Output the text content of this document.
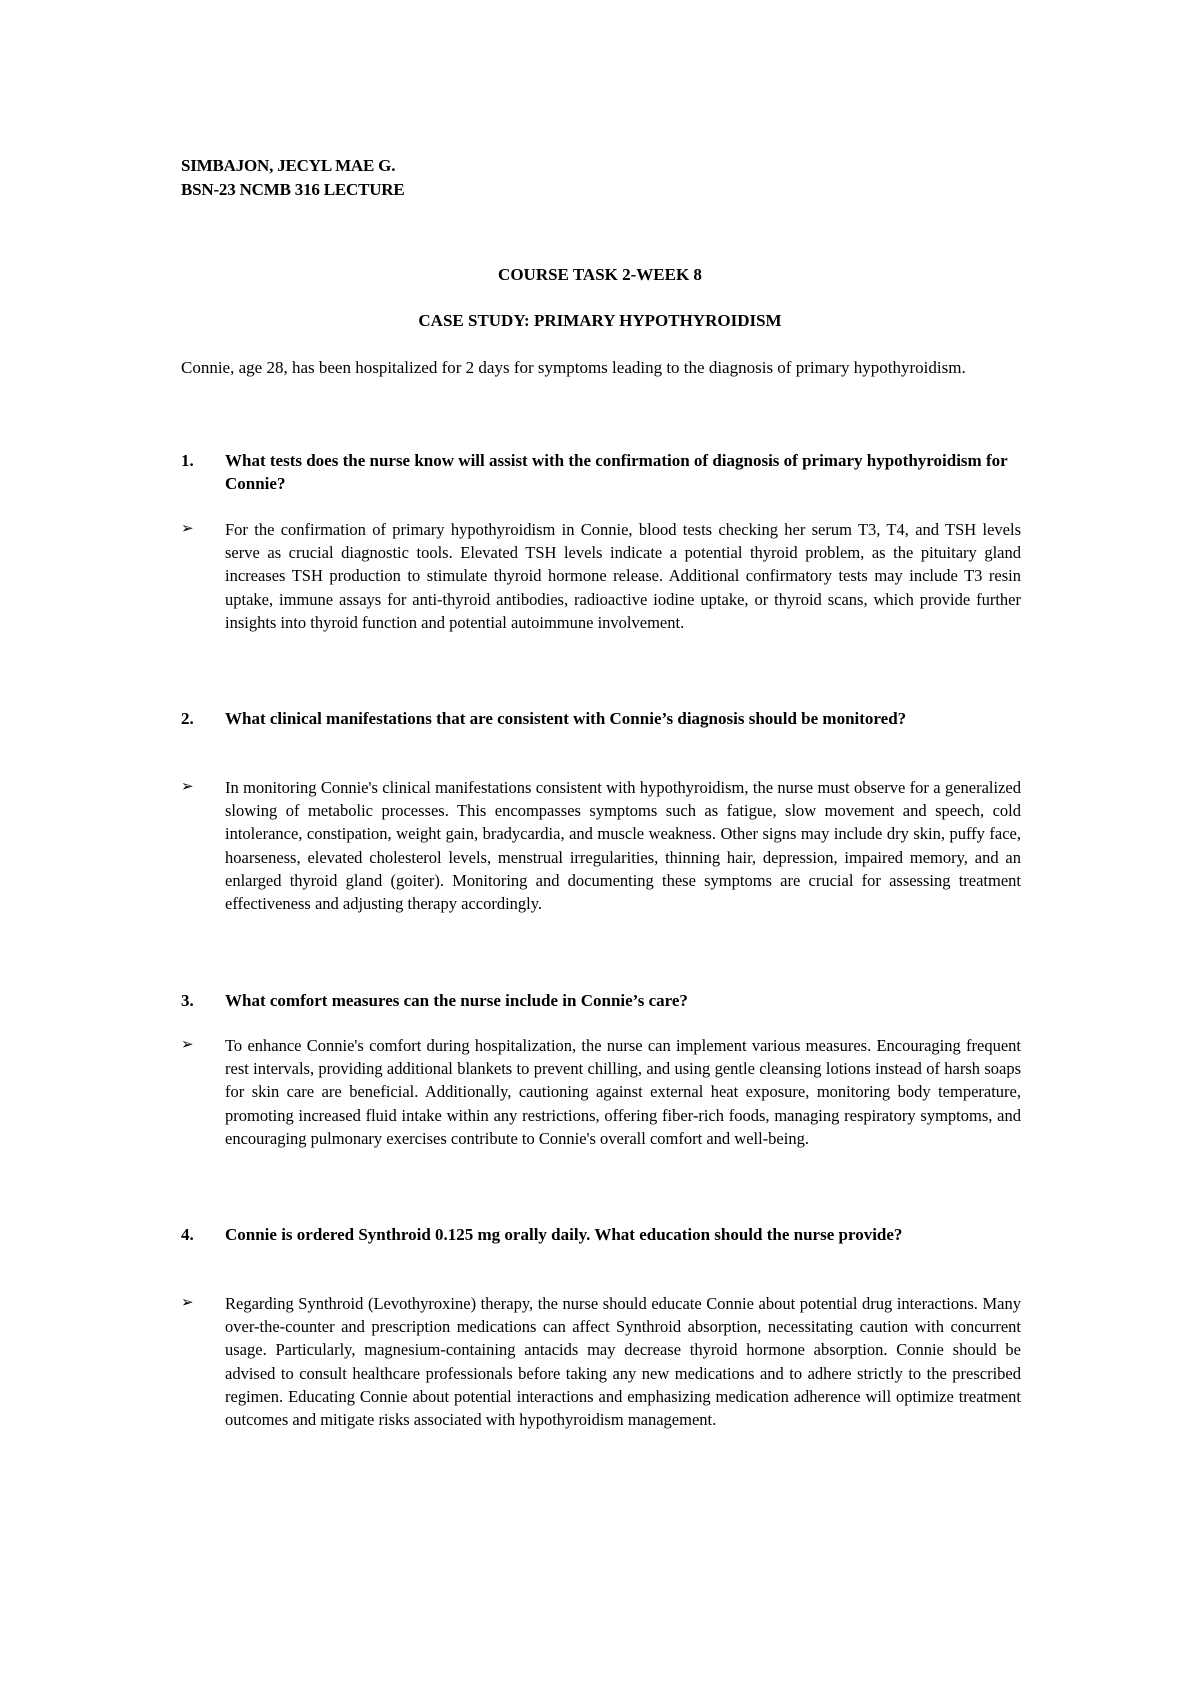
SIMBAJON, JECYL MAE G.
BSN-23 NCMB 316 LECTURE
COURSE TASK 2-WEEK 8
CASE STUDY: PRIMARY HYPOTHYROIDISM
Connie, age 28, has been hospitalized for 2 days for symptoms leading to the diagnosis of primary hypothyroidism.
1. What tests does the nurse know will assist with the confirmation of diagnosis of primary hypothyroidism for Connie?
➢ For the confirmation of primary hypothyroidism in Connie, blood tests checking her serum T3, T4, and TSH levels serve as crucial diagnostic tools. Elevated TSH levels indicate a potential thyroid problem, as the pituitary gland increases TSH production to stimulate thyroid hormone release. Additional confirmatory tests may include T3 resin uptake, immune assays for anti-thyroid antibodies, radioactive iodine uptake, or thyroid scans, which provide further insights into thyroid function and potential autoimmune involvement.
2. What clinical manifestations that are consistent with Connie’s diagnosis should be monitored?
➢ In monitoring Connie's clinical manifestations consistent with hypothyroidism, the nurse must observe for a generalized slowing of metabolic processes. This encompasses symptoms such as fatigue, slow movement and speech, cold intolerance, constipation, weight gain, bradycardia, and muscle weakness. Other signs may include dry skin, puffy face, hoarseness, elevated cholesterol levels, menstrual irregularities, thinning hair, depression, impaired memory, and an enlarged thyroid gland (goiter). Monitoring and documenting these symptoms are crucial for assessing treatment effectiveness and adjusting therapy accordingly.
3. What comfort measures can the nurse include in Connie’s care?
➢ To enhance Connie's comfort during hospitalization, the nurse can implement various measures. Encouraging frequent rest intervals, providing additional blankets to prevent chilling, and using gentle cleansing lotions instead of harsh soaps for skin care are beneficial. Additionally, cautioning against external heat exposure, monitoring body temperature, promoting increased fluid intake within any restrictions, offering fiber-rich foods, managing respiratory symptoms, and encouraging pulmonary exercises contribute to Connie's overall comfort and well-being.
4. Connie is ordered Synthroid 0.125 mg orally daily. What education should the nurse provide?
➢ Regarding Synthroid (Levothyroxine) therapy, the nurse should educate Connie about potential drug interactions. Many over-the-counter and prescription medications can affect Synthroid absorption, necessitating caution with concurrent usage. Particularly, magnesium-containing antacids may decrease thyroid hormone absorption. Connie should be advised to consult healthcare professionals before taking any new medications and to adhere strictly to the prescribed regimen. Educating Connie about potential interactions and emphasizing medication adherence will optimize treatment outcomes and mitigate risks associated with hypothyroidism management.
